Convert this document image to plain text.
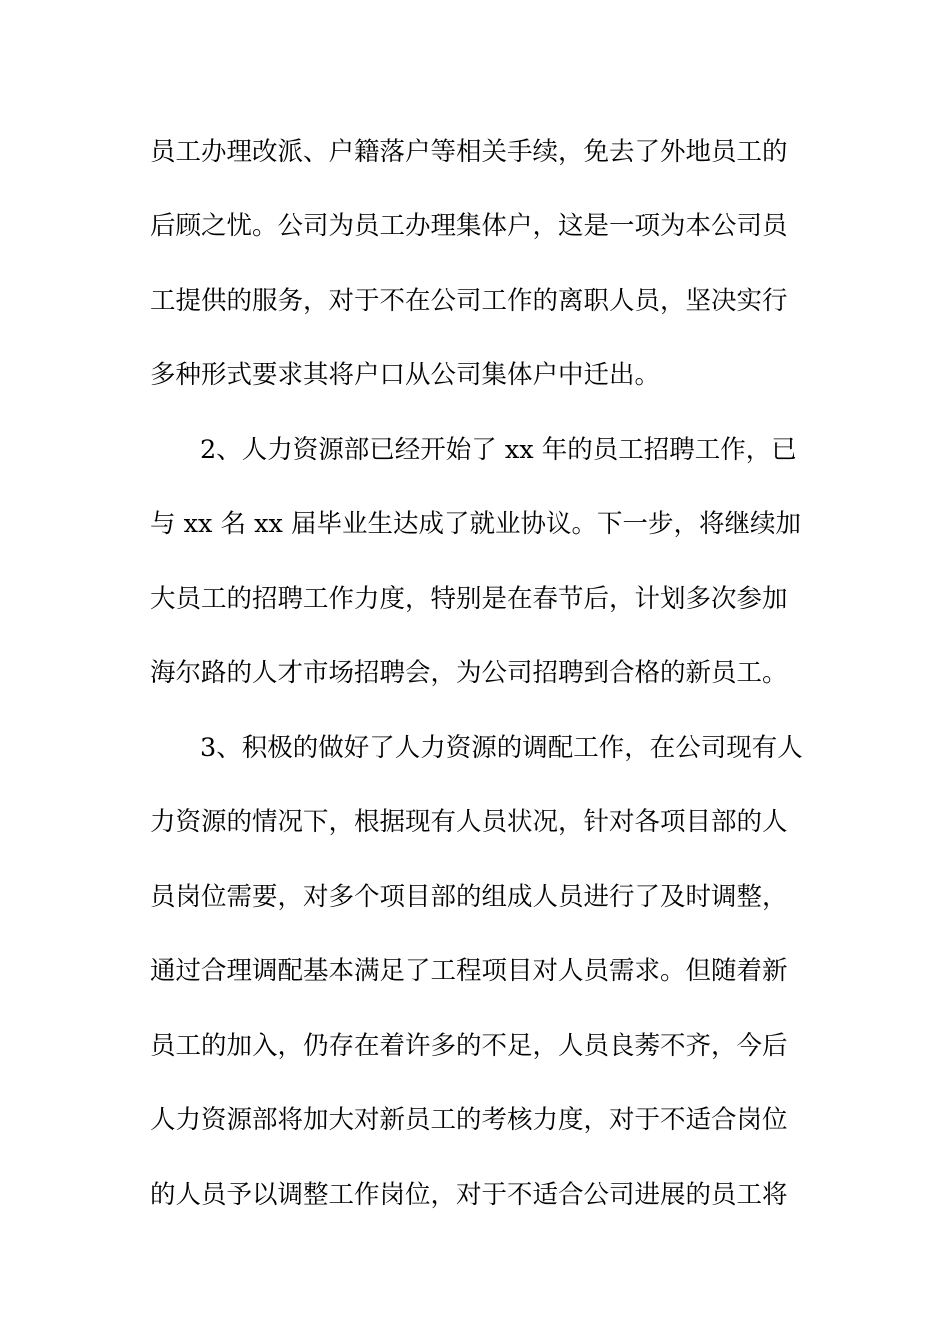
员工办理改派、户籍落户等相关手续，免去了外地员工的
后顾之忧。公司为员工办理集体户，这是一项为本公司员
工提供的服务，对于不在公司工作的离职人员，坚决实行
多种形式要求其将户口从公司集体户中迁出。
2、人力资源部已经开始了 xx 年的员工招聘工作，已
与 xx 名 xx 届毕业生达成了就业协议。下一步，将继续加
大员工的招聘工作力度，特别是在春节后，计划多次参加
海尔路的人才市场招聘会，为公司招聘到合格的新员工。
3、积极的做好了人力资源的调配工作，在公司现有人
力资源的情况下，根据现有人员状况，针对各项目部的人
员岗位需要，对多个项目部的组成人员进行了及时调整，
通过合理调配基本满足了工程项目对人员需求。但随着新
员工的加入，仍存在着许多的不足，人员良莠不齐，今后
人力资源部将加大对新员工的考核力度，对于不适合岗位
的人员予以调整工作岗位，对于不适合公司进展的员工将
